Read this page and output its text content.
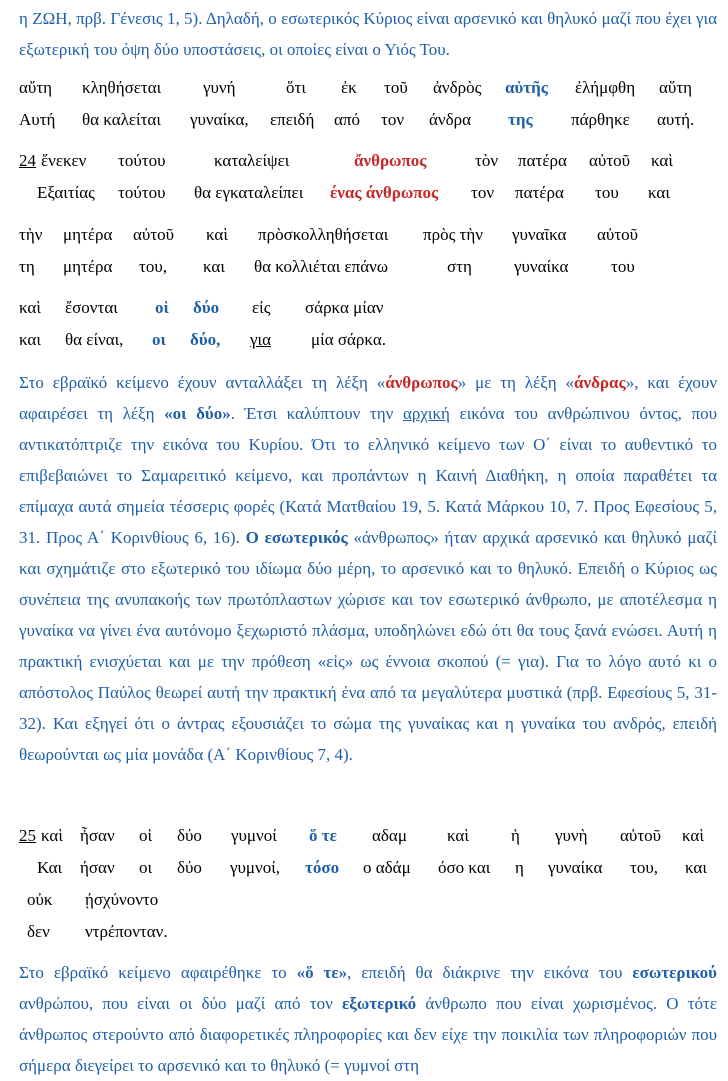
η ΖΩΗ, πρβ. Γένεσις 1, 5). Δηλαδή, ο εσωτερικός Κύριος είναι αρσενικό και θηλυκό μαζί που έχει για εξωτερική του όψη δύο υποστάσεις, οι οποίες είναι ο Υιός Του.
αὔτη κληθήσεται γυνή	ὅτι ἐκ τοῦ ἀνδρὸς αὐτῆς ἐλήμφθη αὕτη
Αυτή θα καλείται γυναίκα, επειδή από τον άνδρα της πάρθηκε αυτή.
24 ἕνεκεν τούτου	καταλείψει	ἄνθρωπος	τὸν πατέρα αὐτοῦ καὶ
Εξαιτίας τούτου θα εγκαταλείπει ένας άνθρωπος τον πατέρα του και
τὴν μητέρα αὐτοῦ καὶ πρὸσκολληθήσεται πρὸς τὴν γυναῖκα αὐτοῦ
τη μητέρα του, και θα κολλιέται επάνω	στη γυναίκα	του
καὶ ἔσονται οἱ δύο εἰς σάρκα μίαν
και θα είναι, οι δύο, για μία σάρκα.
Στο εβραϊκό κείμενο έχουν ανταλλάξει τη λέξη «άνθρωπος» με τη λέξη «άνδρας», και έχουν αφαιρέσει τη λέξη «οι δύο». Έτσι καλύπτουν την αρχική εικόνα του ανθρώπινου όντος, που αντικατόπτριζε την εικόνα του Κυρίου. Ότι το ελληνικό κείμενο των Ο΄ είναι το αυθεντικό το επιβεβαιώνει το Σαμαρειτικό κείμενο, και προπάντων η Καινή Διαθήκη, η οποία παραθέτει τα επίμαχα αυτά σημεία τέσσερις φορές (Κατά Ματθαίου 19, 5. Κατά Μάρκου 10, 7. Προς Εφεσίους 5, 31. Προς Α΄ Κορινθίους 6, 16). Ο εσωτερικός «άνθρωπος» ήταν αρχικά αρσενικό και θηλυκό μαζί και σχημάτιζε στο εξωτερικό του ιδίωμα δύο μέρη, το αρσενικό και το θηλυκό. Επειδή ο Κύριος ως συνέπεια της ανυπακοής των πρωτόπλαστων χώρισε και τον εσωτερικό άνθρωπο, με αποτέλεσμα η γυναίκα να γίνει ένα αυτόνομο ξεχωριστό πλάσμα, υποδηλώνει εδώ ότι θα τους ξανά ενώσει. Αυτή η πρακτική ενισχύεται και με την πρόθεση «εἰς» ως έννοια σκοπού (= για). Για το λόγο αυτό κι ο απόστολος Παύλος θεωρεί αυτή την πρακτική ένα από τα μεγαλύτερα μυστικά (πρβ. Εφεσίους 5, 31-32). Και εξηγεί ότι ο άντρας εξουσιάζει το σώμα της γυναίκας και η γυναίκα του ανδρός, επειδή θεωρούνται ως μία μονάδα (Α΄ Κορινθίους 7, 4).
25 καὶ ἦσαν οἱ δύο γυμνοί ὅ τε αδαμ καὶ ἡ γυνὴ αὐτοῦ καὶ
Και ήσαν οι δύο γυμνοί, τόσο ο αδάμ όσο και η γυναίκα του, και
οὐκ ᾐσχύνοντο
δεν ντρέπονταν.
Στο εβραϊκό κείμενο αφαιρέθηκε το «ὅ τε», επειδή θα διάκρινε την εικόνα του εσωτερικού ανθρώπου, που είναι οι δύο μαζί από τον εξωτερικό άνθρωπο που είναι χωρισμένος. Ο τότε άνθρωπος στερούντο από διαφορετικές πληροφορίες και δεν είχε την ποικιλία των πληροφοριών που σήμερα διεγείρει το αρσενικό και το θηλυκό (= γυμνοί στη
